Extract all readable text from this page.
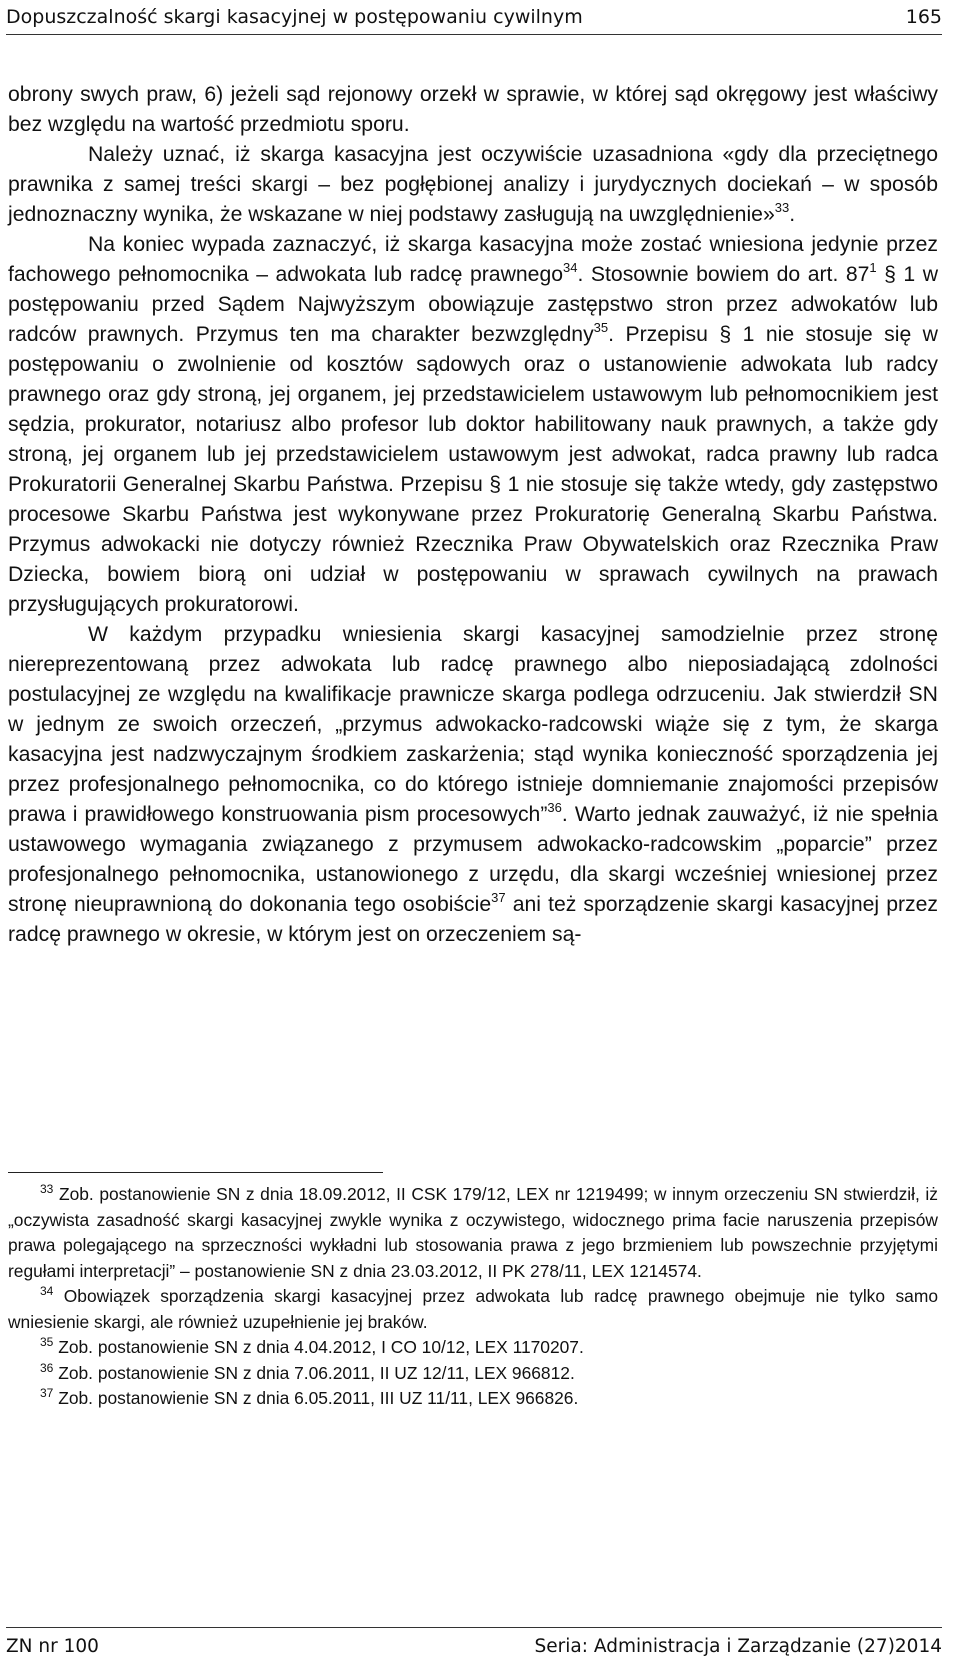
Dopuszczalność skargi kasacyjnej w postępowaniu cywilnym	165

obrony swych praw, 6) jeżeli sąd rejonowy orzekł w sprawie, w której sąd okręgowy jest właściwy bez względu na wartość przedmiotu sporu.

Należy uznać, iż skarga kasacyjna jest oczywiście uzasadniona «gdy dla przeciętnego prawnika z samej treści skargi – bez pogłębionej analizy i jurydycznych dociekań – w sposób jednoznaczny wynika, że wskazane w niej podstawy zasługują na uwzględnienie»$^{33}$.

Na koniec wypada zaznaczyć, iż skarga kasacyjna może zostać wniesiona jedynie przez fachowego pełnomocnika – adwokata lub radcę prawnego$^{34}$. Stosownie bowiem do art. $87^1$ § 1 w postępowaniu przed Sądem Najwyższym obowiązuje zastępstwo stron przez adwokatów lub radców prawnych. Przymus ten ma charakter bezwzględny$^{35}$. Przepisu § 1 nie stosuje się w postępowaniu o zwolnienie od kosztów sądowych oraz o ustanowienie adwokata lub radcy prawnego oraz gdy stroną, jej organem, jej przedstawicielem ustawowym lub pełnomocnikiem jest sędzia, prokurator, notariusz albo profesor lub doktor habilitowany nauk prawnych, a także gdy stroną, jej organem lub jej przedstawicielem ustawowym jest adwokat, radca prawny lub radca Prokuratorii Generalnej Skarbu Państwa. Przepisu § 1 nie stosuje się także wtedy, gdy zastępstwo procesowe Skarbu Państwa jest wykonywane przez Prokuratorię Generalną Skarbu Państwa. Przymus adwokacki nie dotyczy również Rzecznika Praw Obywatelskich oraz Rzecznika Praw Dziecka, bowiem biorą oni udział w postępowaniu w sprawach cywilnych na prawach przysługujących prokuratorowi.

W każdym przypadku wniesienia skargi kasacyjnej samodzielnie przez stronę niereprezentowaną przez adwokata lub radcę prawnego albo nieposiadającą zdolności postulacyjnej ze względu na kwalifikacje prawnicze skarga podlega odrzuceniu. Jak stwierdził SN w jednym ze swoich orzeczeń, „przymus adwokacko-radcowski wiąże się z tym, że skarga kasacyjna jest nadzwyczajnym środkiem zaskarżenia; stąd wynika konieczność sporządzenia jej przez profesjonalnego pełnomocnika, co do którego istnieje domniemanie znajomości przepisów prawa i prawidłowego konstruowania pism procesowych”$^{36}$. Warto jednak zauważyć, iż nie spełnia ustawowego wymagania związanego z przymusem adwokacko-radcowskim „poparcie” przez profesjonalnego pełnomocnika, ustanowionego z urzędu, dla skargi wcześniej wniesionej przez stronę nieuprawnioną do dokonania tego osobiście$^{37}$ ani też sporządzenie skargi kasacyjnej przez radcę prawnego w okresie, w którym jest on orzeczeniem są-

$^{33}$ Zob. postanowienie SN z dnia 18.09.2012, II CSK 179/12, LEX nr 1219499; w innym orzeczeniu SN stwierdził, iż „oczywista zasadność skargi kasacyjnej zwykle wynika z oczywistego, widocznego prima facie naruszenia przepisów prawa polegającego na sprzeczności wykładni lub stosowania prawa z jego brzmieniem lub powszechnie przyjętymi regułami interpretacji” – postanowienie SN z dnia 23.03.2012, II PK 278/11, LEX 1214574.

$^{34}$ Obowiązek sporządzenia skargi kasacyjnej przez adwokata lub radcę prawnego obejmuje nie tylko samo wniesienie skargi, ale również uzupełnienie jej braków.

$^{35}$ Zob. postanowienie SN z dnia 4.04.2012, I CO 10/12, LEX 1170207.

$^{36}$ Zob. postanowienie SN z dnia 7.06.2011, II UZ 12/11, LEX 966812.

$^{37}$ Zob. postanowienie SN z dnia 6.05.2011, III UZ 11/11, LEX 966826.

ZN nr 100	Seria: Administracja i Zarządzanie (27)2014
